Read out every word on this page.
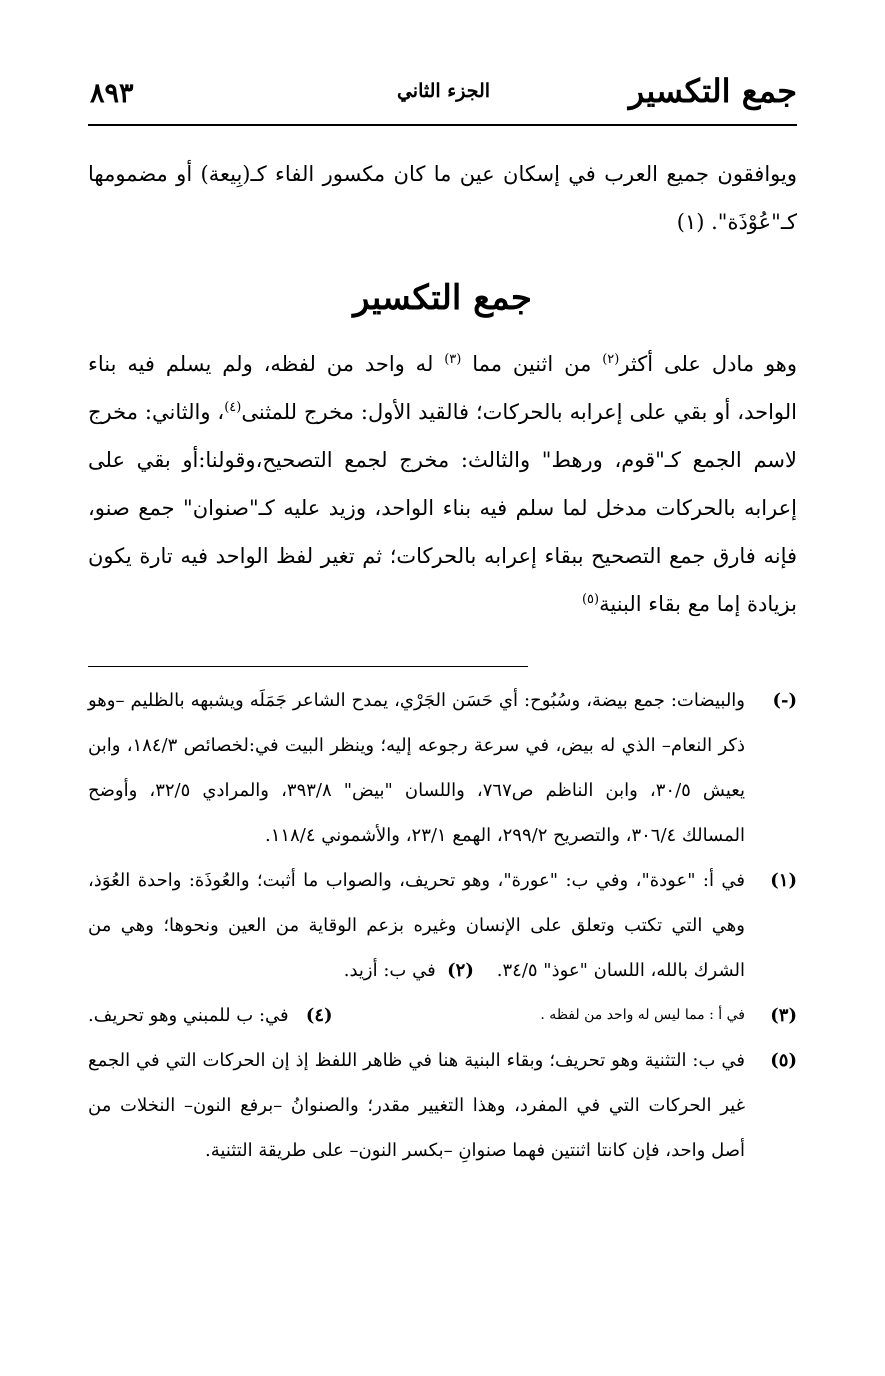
جمع التكسير
الجزء الثاني
٨٩٣

ويوافقون جميع العرب في إسكان عين ما كان مكسور الفاء كـ(بِيعة) أو مضمومها كـ"عُوْذَة". (١)

جمع التكسير

وهو مادل على أكثر$^{(٢)}$ من اثنين مما $^{(٣)}$ له واحد من لفظه، ولم يسلم فيه بناء الواحد، أو بقي على إعرابه بالحركات؛ فالقيد الأول: مخرج للمثنى$^{(٤)}$، والثاني: مخرج لاسم الجمع كـ"قوم، ورهط" والثالث: مخرج لجمع التصحيح،وقولنا:أو بقي على إعرابه بالحركات مدخل لما سلم فيه بناء الواحد، وزيد عليه كـ"صنوان" جمع صنو، فإنه فارق جمع التصحيح ببقاء إعرابه بالحركات؛ ثم تغير لفظ الواحد فيه تارة يكون بزيادة إما مع بقاء البنية$^{(٥)}$

(-)
والبيضات: جمع بيضة، وسُبُوح: أي حَسَن الجَرْي، يمدح الشاعر جَمَلَه ويشبهه بالظليم –وهو ذكر النعام– الذي له بيض، في سرعة رجوعه إليه؛ وينظر البيت في:لخصائص ١٨٤/٣، وابن يعيش ٣٠/٥، وابن الناظم ص٧٦٧، واللسان "بيض" ٣٩٣/٨، والمرادي ٣٢/٥، وأوضح المسالك ٣٠٦/٤، والتصريح ٢٩٩/٢، الهمع ٢٣/١، والأشموني ١١٨/٤.
(١)
في أ: "عودة"، وفي ب: "عورة"، وهو تحريف، والصواب ما أثبت؛ والعُوذَة: واحدة العُوَذ، وهي التي تكتب وتعلق على الإنسان وغيره بزعم الوقاية من العين ونحوها؛ وهي من الشرك بالله، اللسان "عوذ" ٣٤/٥.    (٢)  في ب: أزيد.
(٣)
في أ : مما ليس له واحد من لفظه .
(٤)   في: ب للمبني وهو تحريف.
(٥)
في ب: التثنية وهو تحريف؛ وبقاء البنية هنا في ظاهر اللفظ إذ إن الحركات التي في الجمع غير الحركات التي في المفرد، وهذا التغيير مقدر؛ والصنوانُ –برفع النون– النخلات من أصل واحد، فإن كانتا اثنتين فهما صنوانِ –بكسر النون– على طريقة التثنية.
